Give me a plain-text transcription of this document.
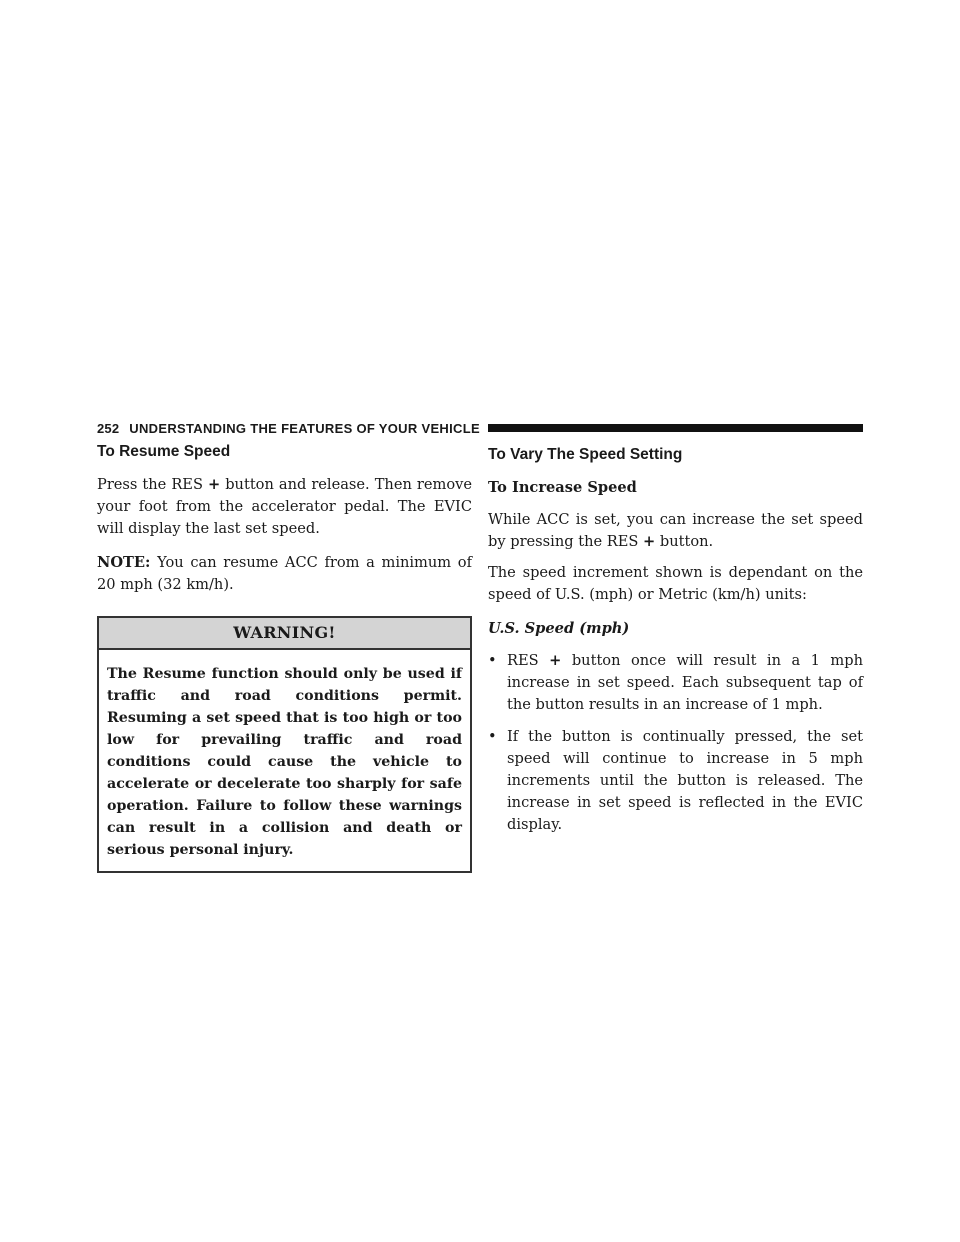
252 UNDERSTANDING THE FEATURES OF YOUR VEHICLE
To Resume Speed

Press the RES + button and release. Then remove your foot from the accelerator pedal. The EVIC will display the last set speed.

NOTE: You can resume ACC from a minimum of 20 mph (32 km/h).

WARNING!
The Resume function should only be used if traffic and road conditions permit. Resuming a set speed that is too high or too low for prevailing traffic and road conditions could cause the vehicle to accelerate or decelerate too sharply for safe operation. Failure to follow these warnings can result in a collision and death or serious personal injury.
To Vary The Speed Setting
To Increase Speed

While ACC is set, you can increase the set speed by pressing the RES + button.

The speed increment shown is dependant on the speed of U.S. (mph) or Metric (km/h) units:

U.S. Speed (mph)
• RES + button once will result in a 1 mph increase in set speed. Each subsequent tap of the button results in an increase of 1 mph.
• If the button is continually pressed, the set speed will continue to increase in 5 mph increments until the button is released. The increase in set speed is reflected in the EVIC display.
